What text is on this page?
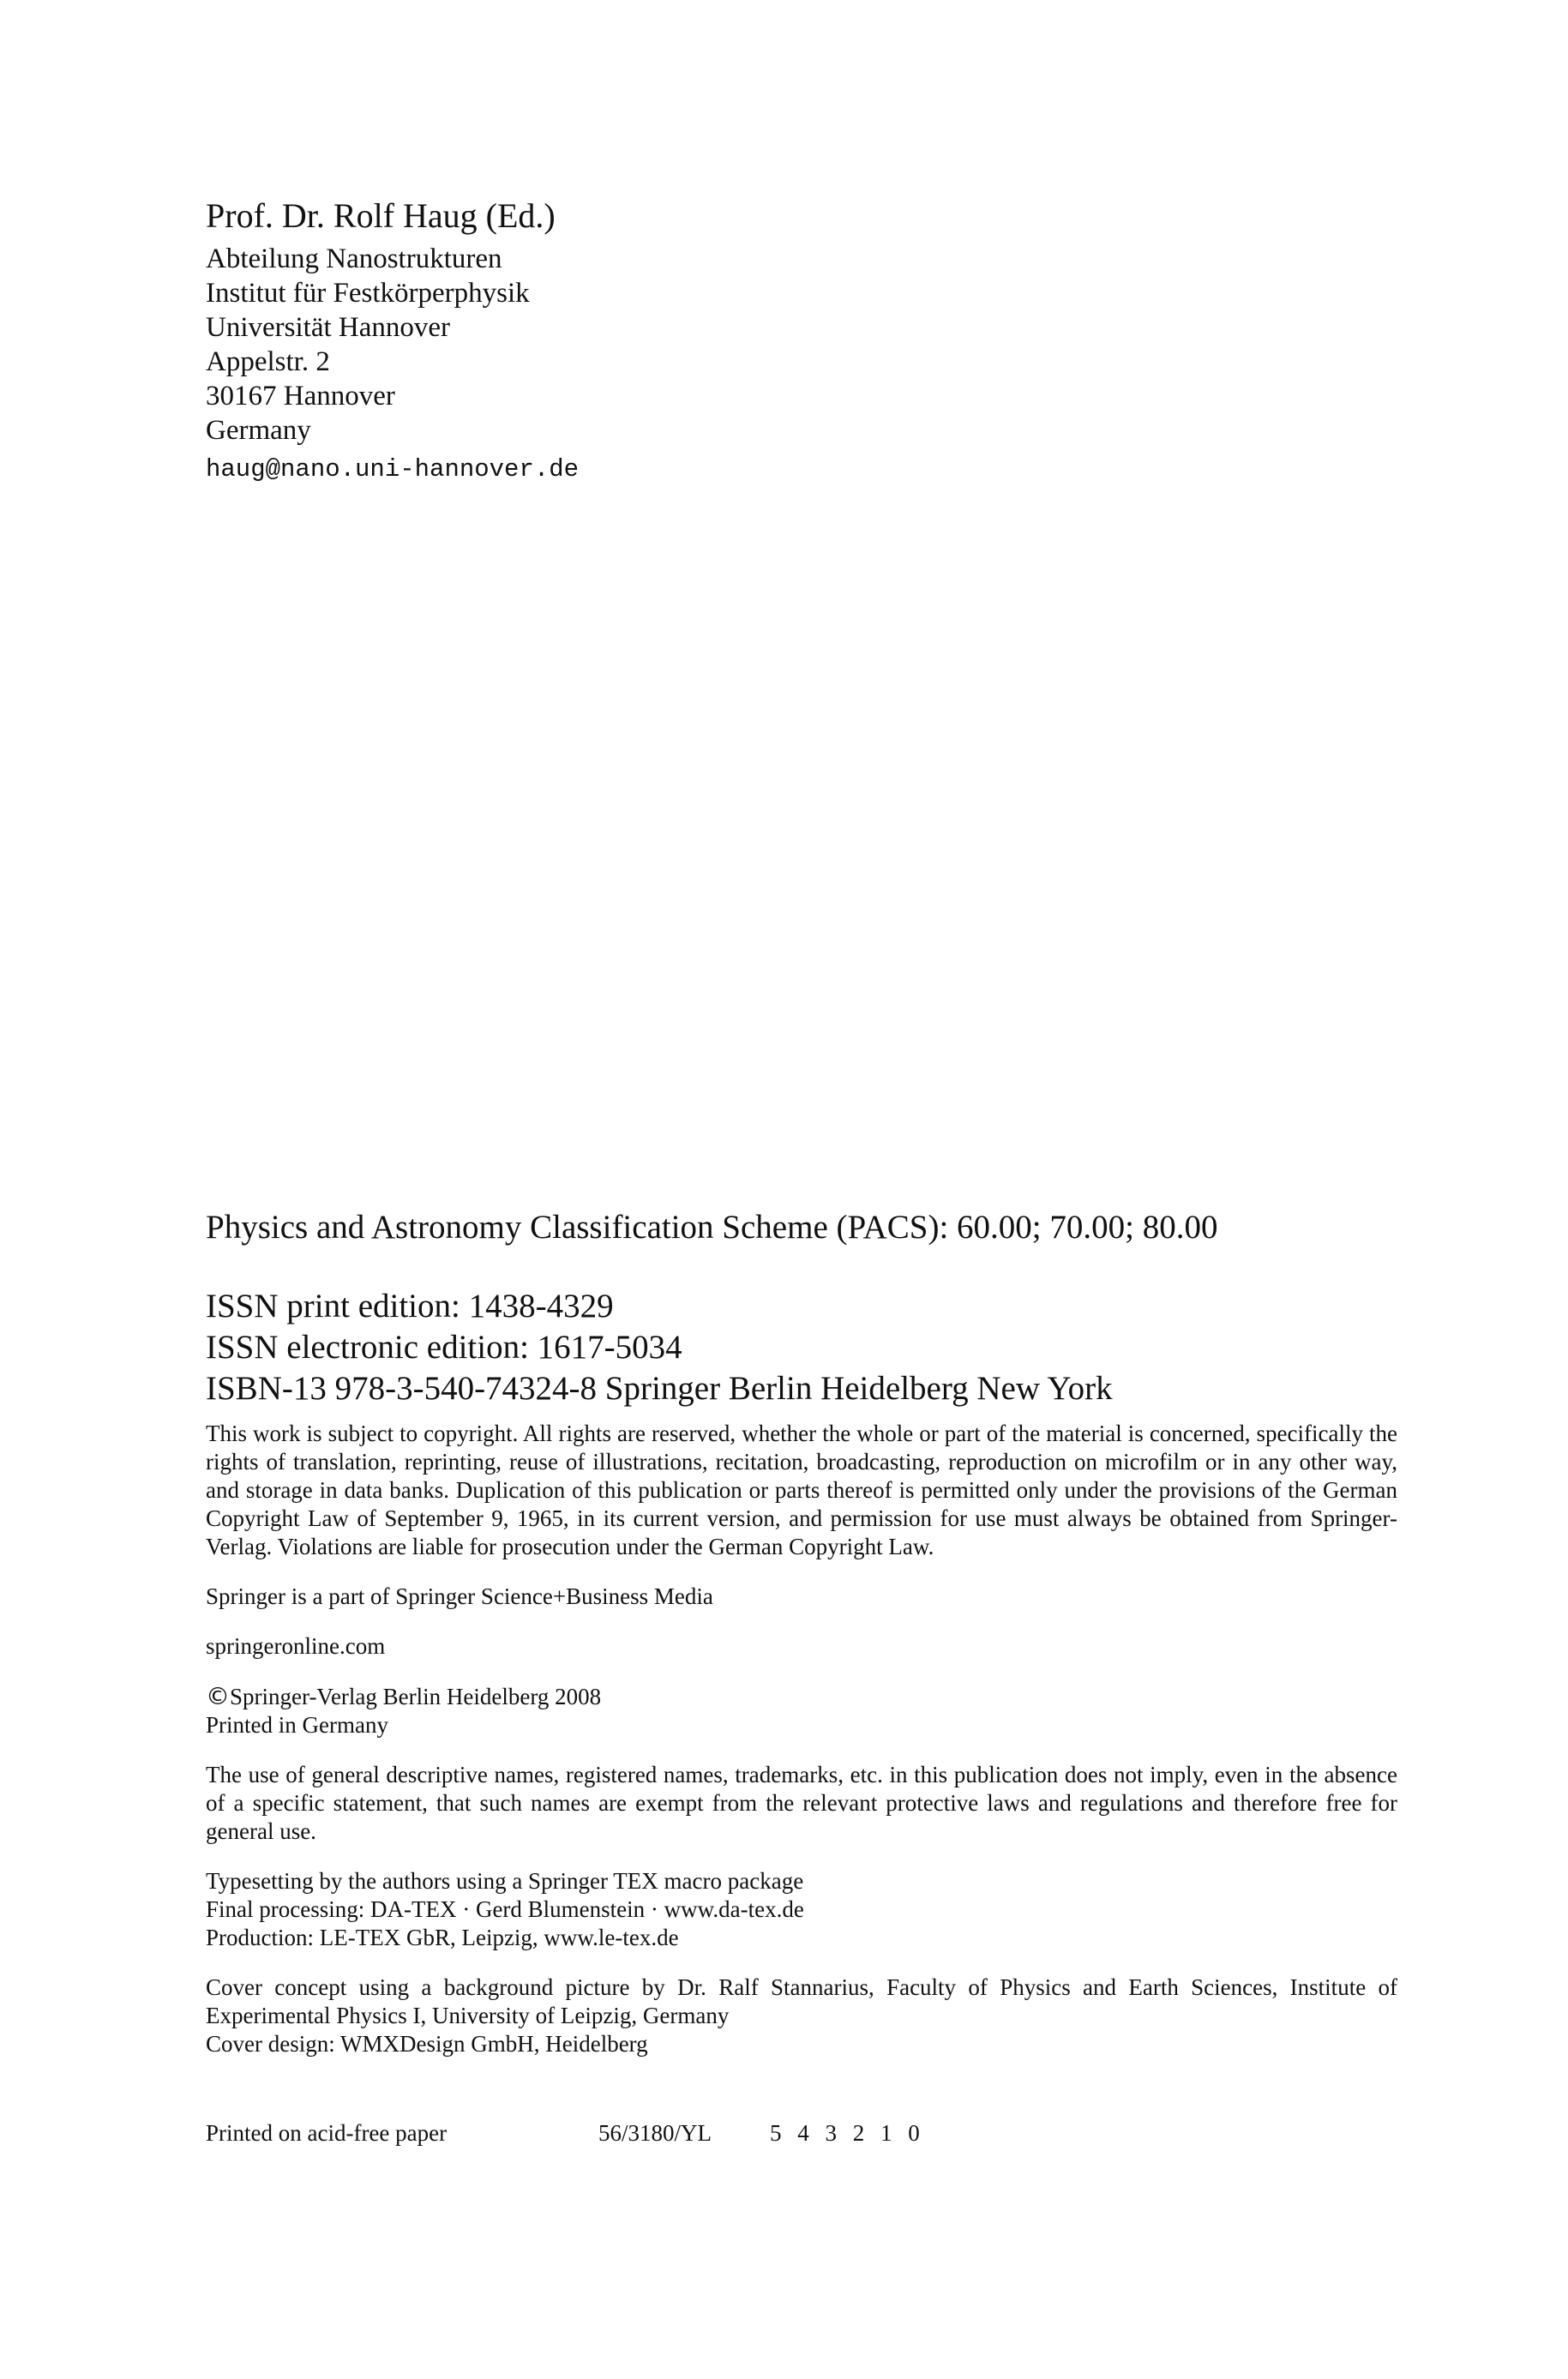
Prof. Dr. Rolf Haug (Ed.)
Abteilung Nanostrukturen
Institut für Festkörperphysik
Universität Hannover
Appelstr. 2
30167 Hannover
Germany
haug@nano.uni-hannover.de
Physics and Astronomy Classification Scheme (PACS): 60.00; 70.00; 80.00
ISSN print edition: 1438-4329
ISSN electronic edition: 1617-5034
ISBN-13 978-3-540-74324-8 Springer Berlin Heidelberg New York

This work is subject to copyright. All rights are reserved, whether the whole or part of the material is concerned, specifically the rights of translation, reprinting, reuse of illustrations, recitation, broadcasting, reproduction on microfilm or in any other way, and storage in data banks. Duplication of this publication or parts thereof is permitted only under the provisions of the German Copyright Law of September 9, 1965, in its current version, and permission for use must always be obtained from Springer-Verlag. Violations are liable for prosecution under the German Copyright Law.

Springer is a part of Springer Science+Business Media

springeronline.com

©Springer-Verlag Berlin Heidelberg 2008
Printed in Germany

The use of general descriptive names, registered names, trademarks, etc. in this publication does not imply, even in the absence of a specific statement, that such names are exempt from the relevant protective laws and regulations and therefore free for general use.

Typesetting by the authors using a Springer TEX macro package
Final processing: DA-TEX · Gerd Blumenstein · www.da-tex.de
Production: LE-TEX GbR, Leipzig, www.le-tex.de

Cover concept using a background picture by Dr. Ralf Stannarius, Faculty of Physics and Earth Sciences, Institute of Experimental Physics I, University of Leipzig, Germany
Cover design: WMXDesign GmbH, Heidelberg

Printed on acid-free paper	56/3180/YL	5 4 3 2 1 0
